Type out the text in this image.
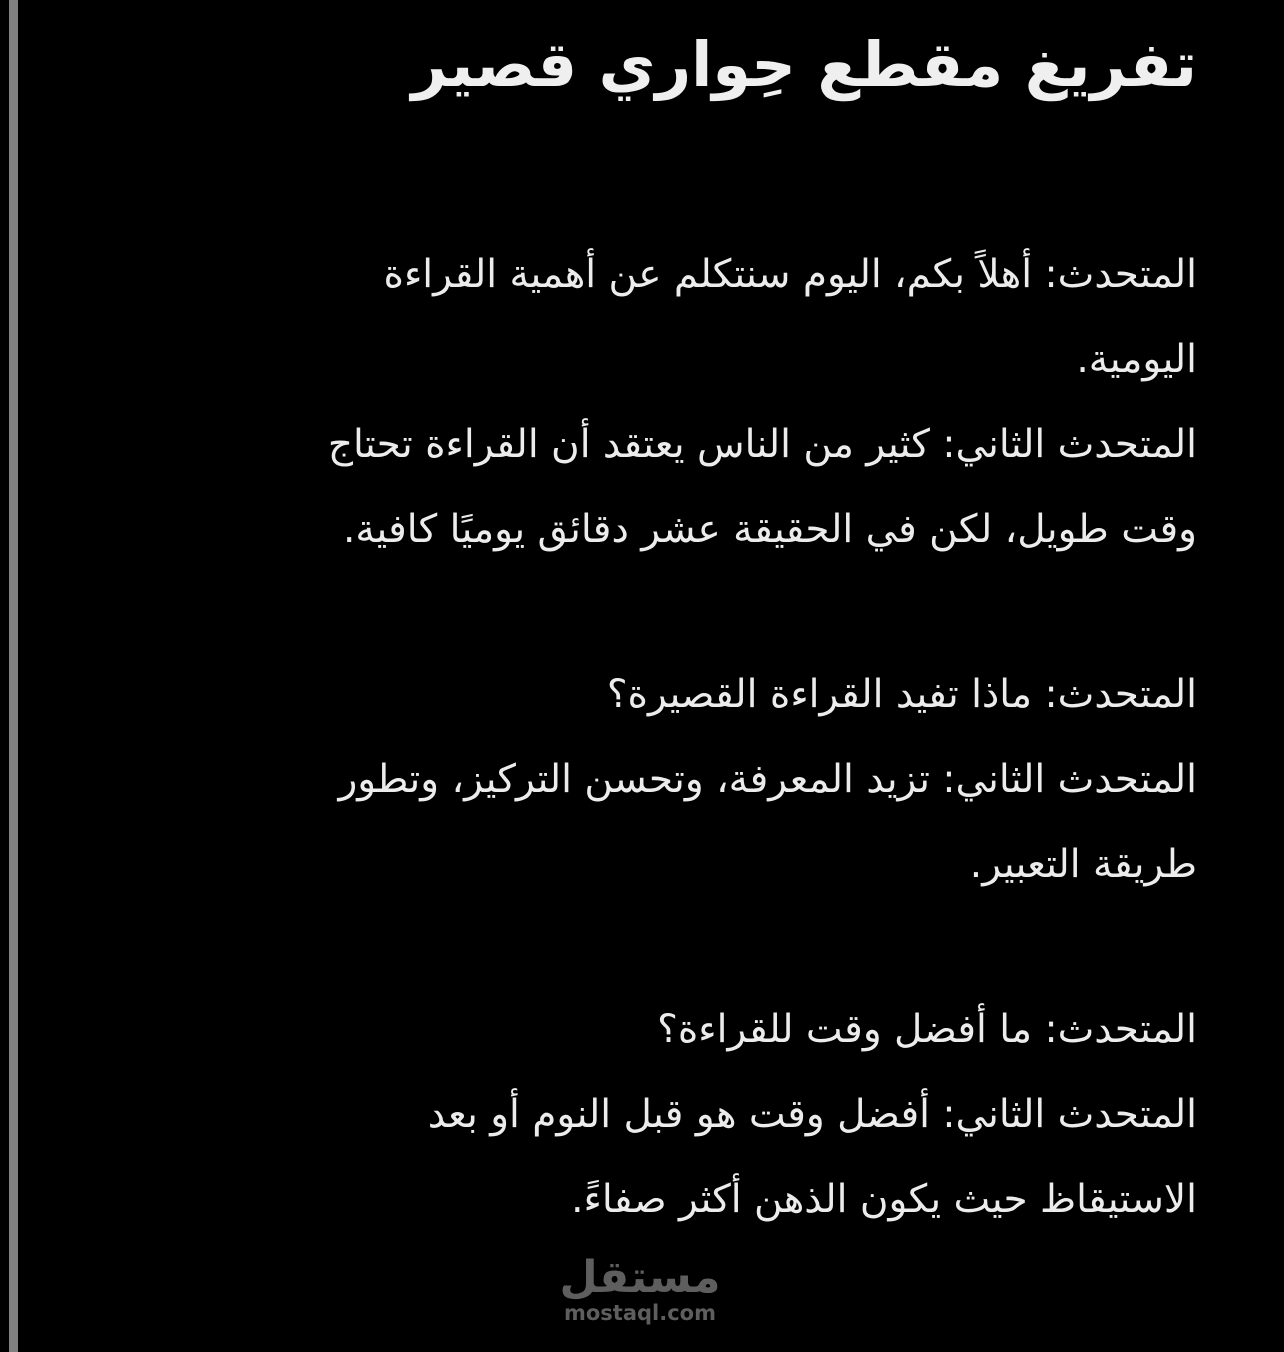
تفريغ مقطع حِواري قصير
المتحدث: أهلاً بكم، اليوم سنتكلم عن أهمية القراءة
اليومية.
المتحدث الثاني: كثير من الناس يعتقد أن القراءة تحتاج
وقت طويل، لكن في الحقيقة عشر دقائق يوميًا كافية.
المتحدث: ماذا تفيد القراءة القصيرة؟
المتحدث الثاني: تزيد المعرفة، وتحسن التركيز، وتطور
طريقة التعبير.
المتحدث: ما أفضل وقت للقراءة؟
المتحدث الثاني: أفضل وقت هو قبل النوم أو بعد
الاستيقاظ حيث يكون الذهن أكثر صفاءً.
مستقل
mostaql.com
